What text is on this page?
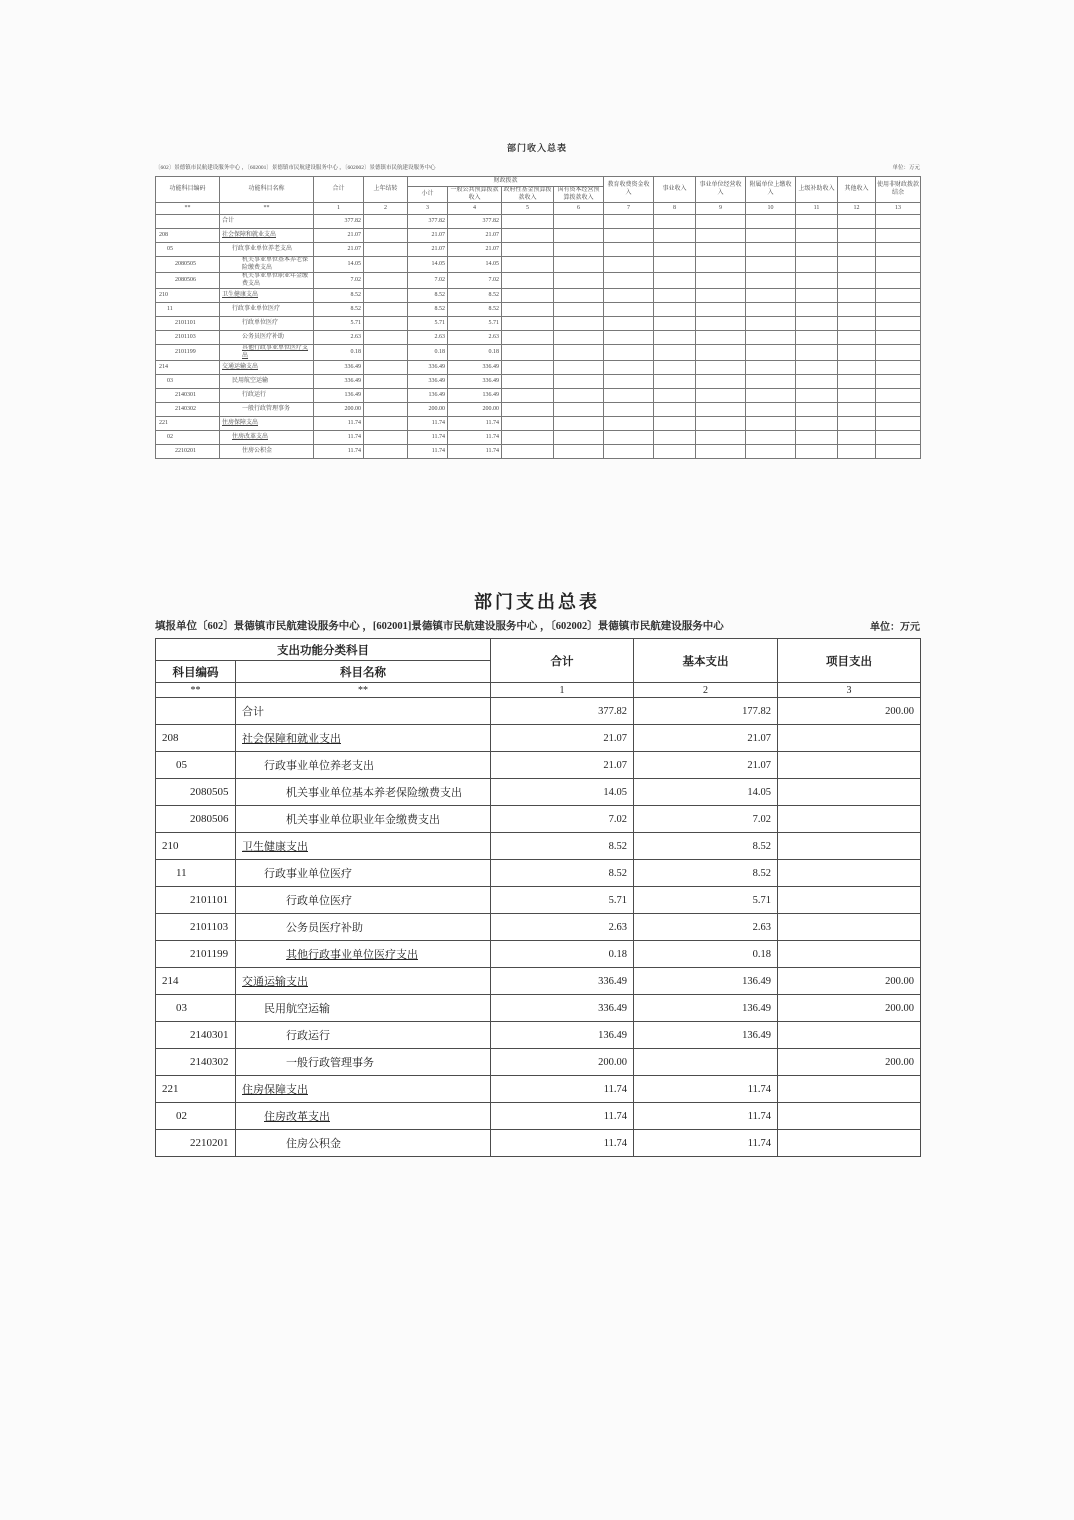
部门收入总表
〔602〕景德镇市民航建设服务中心 ，〔602001〕景德镇市民航建设服务中心 ，〔602002〕景德镇市民航建设服务中心	单位：万元
功能科目编码	功能科目名称	合计	上年结转	财政拨款				教育收费资金收入	事业收入	事业单位经营收入	附属单位上缴收入	上级补助收入	其他收入	使用非财政拨款结余
				小计	一般公共预算拨款收入	政府性基金预算拨款收入	国有资本经营预算拨款收入							
**	**	1	2	3	4	5	6	7	8	9	10	11	12	13
	合计	377.82		377.82	377.82									
208	社会保障和就业支出	21.07		21.07	21.07									
05	行政事业单位养老支出	21.07		21.07	21.07									
2080505	机关事业单位基本养老保险缴费支出	14.05		14.05	14.05									
2080506	机关事业单位职业年金缴费支出	7.02		7.02	7.02									
210	卫生健康支出	8.52		8.52	8.52									
11	行政事业单位医疗	8.52		8.52	8.52									
2101101	行政单位医疗	5.71		5.71	5.71									
2101103	公务员医疗补助	2.63		2.63	2.63									
2101199	其他行政事业单位医疗支出	0.18		0.18	0.18									
214	交通运输支出	336.49		336.49	336.49									
03	民用航空运输	336.49		336.49	336.49									
2140301	行政运行	136.49		136.49	136.49									
2140302	一般行政管理事务	200.00		200.00	200.00									
221	住房保障支出	11.74		11.74	11.74									
02	住房改革支出	11.74		11.74	11.74									
2210201	住房公积金	11.74		11.74	11.74									
部门支出总表
填报单位〔602〕景德镇市民航建设服务中心 ，[602001]景德镇市民航建设服务中心 ，〔602002〕景德镇市民航建设服务中心	单位：万元
支出功能分类科目		合计	基本支出	项目支出
科目编码	科目名称			
**	**	1	2	3
	合计	377.82	177.82	200.00
208	社会保障和就业支出	21.07	21.07	
05	行政事业单位养老支出	21.07	21.07	
2080505	机关事业单位基本养老保险缴费支出	14.05	14.05	
2080506	机关事业单位职业年金缴费支出	7.02	7.02	
210	卫生健康支出	8.52	8.52	
11	行政事业单位医疗	8.52	8.52	
2101101	行政单位医疗	5.71	5.71	
2101103	公务员医疗补助	2.63	2.63	
2101199	其他行政事业单位医疗支出	0.18	0.18	
214	交通运输支出	336.49	136.49	200.00
03	民用航空运输	336.49	136.49	200.00
2140301	行政运行	136.49	136.49	
2140302	一般行政管理事务	200.00		200.00
221	住房保障支出	11.74	11.74	
02	住房改革支出	11.74	11.74	
2210201	住房公积金	11.74	11.74	
